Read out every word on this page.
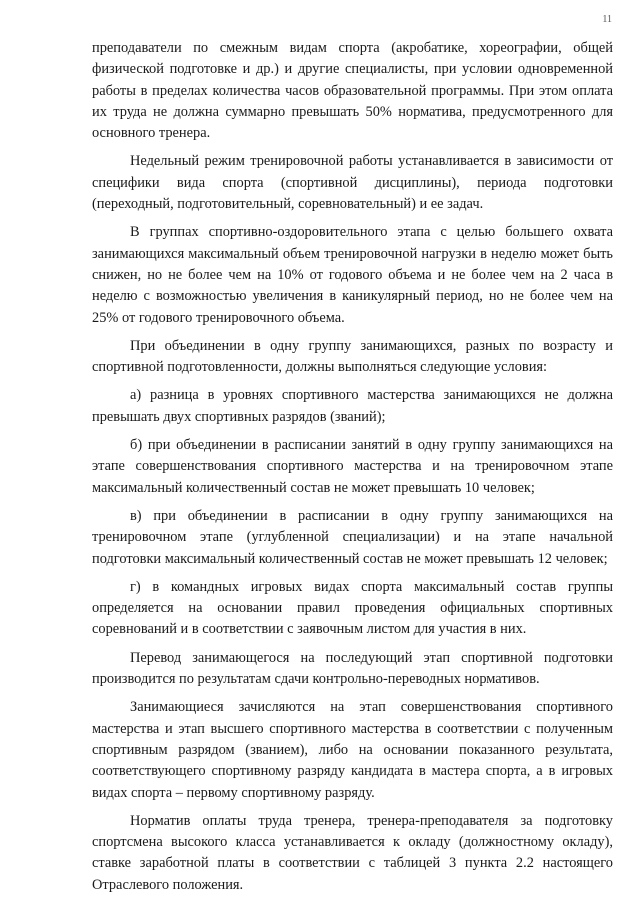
11

преподаватели по смежным видам спорта (акробатике, хореографии, общей физической подготовке и др.) и другие специалисты, при условии одновременной работы в пределах количества часов образовательной программы. При этом оплата их труда не должна суммарно превышать 50% норматива, предусмотренного для основного тренера.

Недельный режим тренировочной работы устанавливается в зависимости от специфики вида спорта (спортивной дисциплины), периода подготовки (переходный, подготовительный, соревновательный) и ее задач.

В группах спортивно-оздоровительного этапа с целью большего охвата занимающихся максимальный объем тренировочной нагрузки в неделю может быть снижен, но не более чем на 10% от годового объема и не более чем на 2 часа в неделю с возможностью увеличения в каникулярный период, но не более чем на 25% от годового тренировочного объема.

При объединении в одну группу занимающихся, разных по возрасту и спортивной подготовленности, должны выполняться следующие условия:

а) разница в уровнях спортивного мастерства занимающихся не должна превышать двух спортивных разрядов (званий);

б) при объединении в расписании занятий в одну группу занимающихся на этапе совершенствования спортивного мастерства и на тренировочном этапе максимальный количественный состав не может превышать 10 человек;

в) при объединении в расписании в одну группу занимающихся на тренировочном этапе (углубленной специализации) и на этапе начальной подготовки максимальный количественный состав не может превышать 12 человек;

г) в командных игровых видах спорта максимальный состав группы определяется на основании правил проведения официальных спортивных соревнований и в соответствии с заявочным листом для участия в них.

Перевод занимающегося на последующий этап спортивной подготовки производится по результатам сдачи контрольно-переводных нормативов.

Занимающиеся зачисляются на этап совершенствования спортивного мастерства и этап высшего спортивного мастерства в соответствии с полученным спортивным разрядом (званием), либо на основании показанного результата, соответствующего спортивному разряду кандидата в мастера спорта, а в игровых видах спорта – первому спортивному разряду.

Норматив оплаты труда тренера, тренера-преподавателя за подготовку спортсмена высокого класса устанавливается к окладу (должностному окладу), ставке заработной платы в соответствии с таблицей 3 пункта 2.2 настоящего Отраслевого положения.
